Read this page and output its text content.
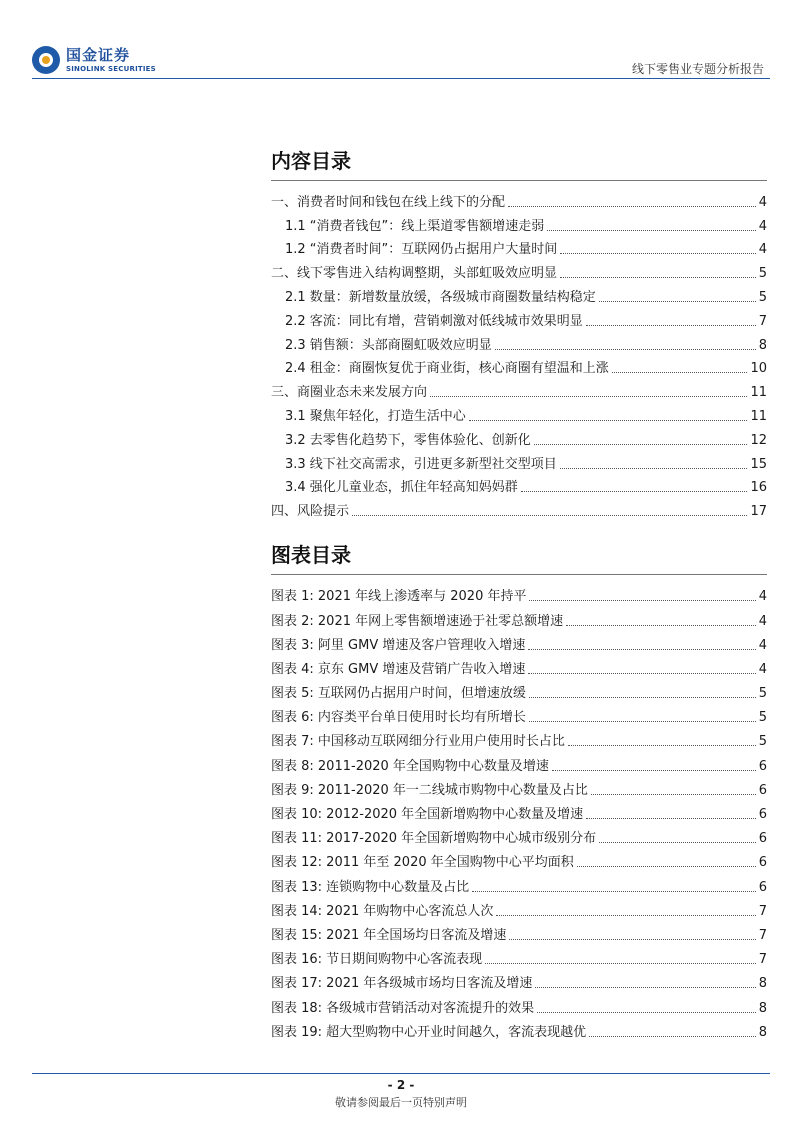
国金证券
SINOLINK SECURITIES	线下零售业专题分析报告
内容目录
一、消费者时间和钱包在线上线下的分配	4
1.1 “消费者钱包”：线上渠道零售额增速走弱	4
1.2 “消费者时间”：互联网仍占据用户大量时间	4
二、线下零售进入结构调整期，头部虹吸效应明显	5
2.1 数量：新增数量放缓，各级城市商圈数量结构稳定	5
2.2 客流：同比有增，营销刺激对低线城市效果明显	7
2.3 销售额：头部商圈虹吸效应明显	8
2.4 租金：商圈恢复优于商业街，核心商圈有望温和上涨	10
三、商圈业态未来发展方向	11
3.1 聚焦年轻化，打造生活中心	11
3.2 去零售化趋势下，零售体验化、创新化	12
3.3 线下社交高需求，引进更多新型社交型项目	15
3.4 强化儿童业态，抓住年轻高知妈妈群	16
四、风险提示	17
图表目录
图表 1: 2021 年线上渗透率与 2020 年持平	4
图表 2: 2021 年网上零售额增速逊于社零总额增速	4
图表 3: 阿里 GMV 增速及客户管理收入增速	4
图表 4: 京东 GMV 增速及营销广告收入增速	4
图表 5: 互联网仍占据用户时间，但增速放缓	5
图表 6: 内容类平台单日使用时长均有所增长	5
图表 7: 中国移动互联网细分行业用户使用时长占比	5
图表 8: 2011-2020 年全国购物中心数量及增速	6
图表 9: 2011-2020 年一二线城市购物中心数量及占比	6
图表 10: 2012-2020 年全国新增购物中心数量及增速	6
图表 11: 2017-2020 年全国新增购物中心城市级别分布	6
图表 12: 2011 年至 2020 年全国购物中心平均面积	6
图表 13: 连锁购物中心数量及占比	6
图表 14: 2021 年购物中心客流总人次	7
图表 15: 2021 年全国场均日客流及增速	7
图表 16: 节日期间购物中心客流表现	7
图表 17: 2021 年各级城市场均日客流及增速	8
图表 18: 各级城市营销活动对客流提升的效果	8
图表 19: 超大型购物中心开业时间越久，客流表现越优	8
- 2 -
敬请参阅最后一页特别声明
